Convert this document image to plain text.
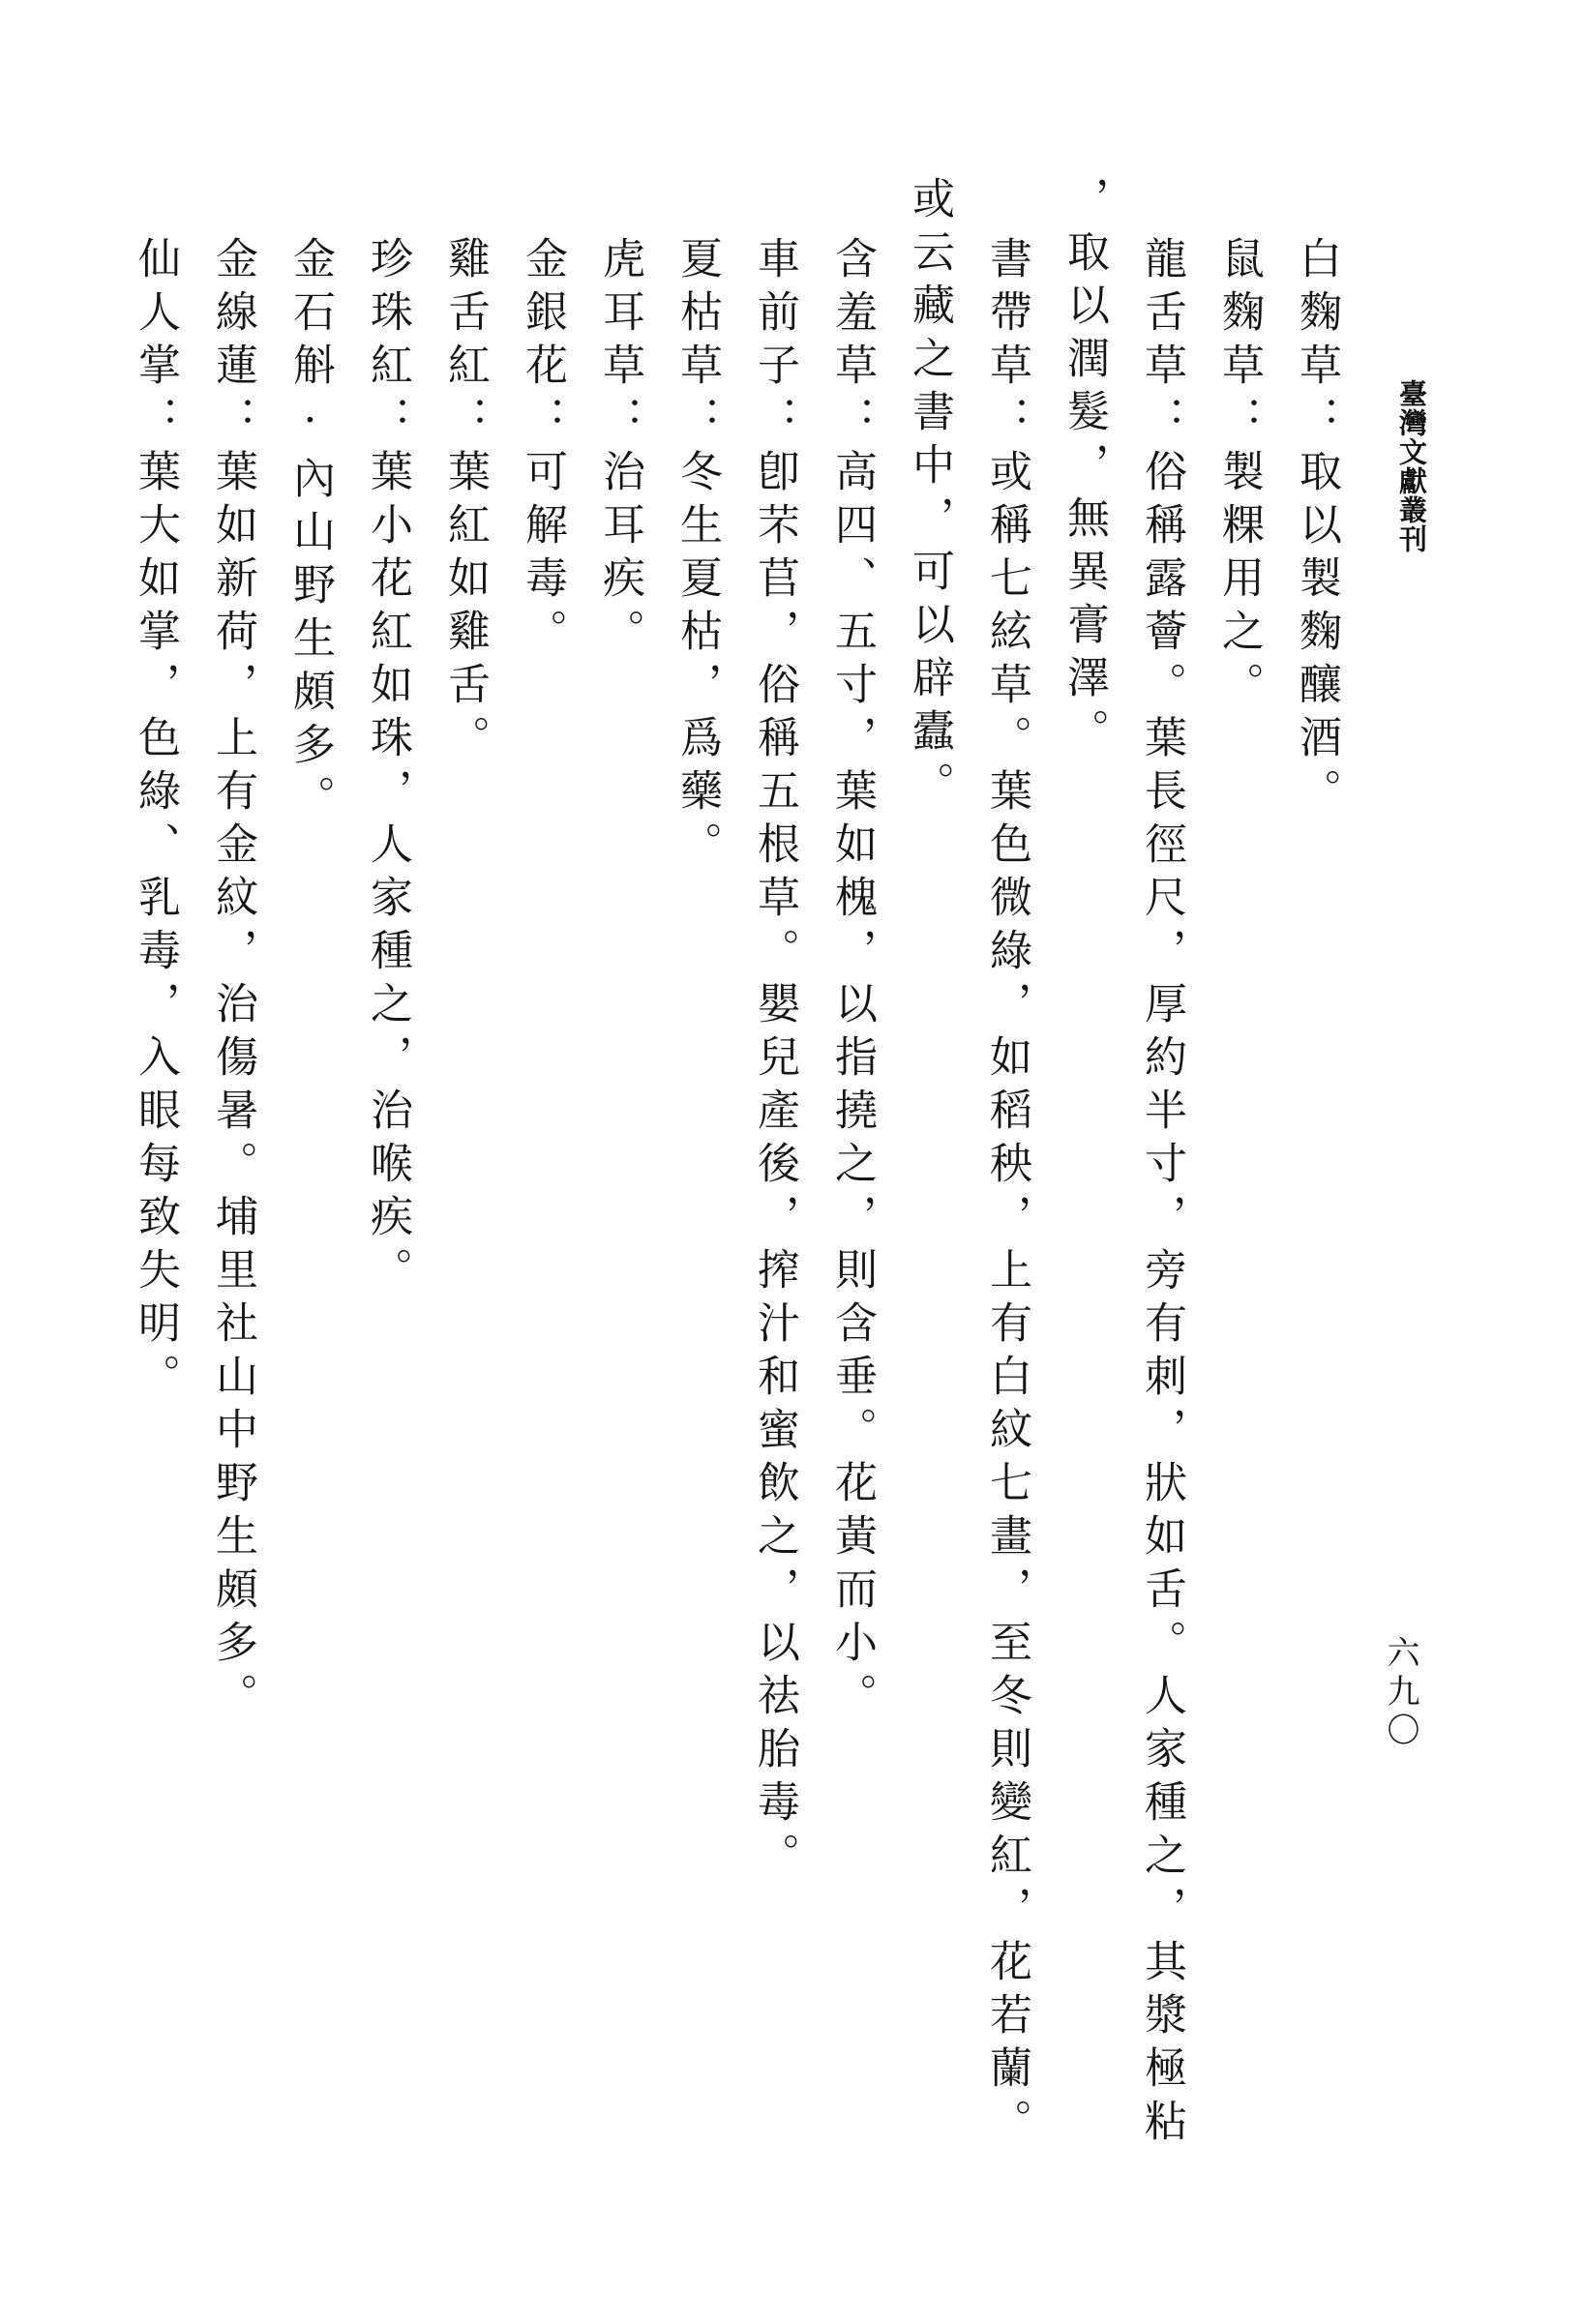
臺灣文獻叢刊
白麴草：取以製麴釀酒。
鼠麴草：製粿用之。
龍舌草：俗稱露薈。葉長徑尺，厚約半寸，旁有刺，狀如舌。人家種之，其漿極粘
，取以潤髮，無異膏澤。
書帶草：或稱七絃草。葉色微綠，如稻秧，上有白紋七畫，至冬則變紅，花若蘭。
或云藏之書中，可以辟蠹。
含羞草：高四、五寸，葉如槐，以指撓之，則含垂。花黃而小。
車前子：卽芣苢，俗稱五根草。嬰兒產後，搾汁和蜜飲之，以祛胎毒。
夏枯草：冬生夏枯，爲藥。
虎耳草：治耳疾。
金銀花：可解毒。
雞舌紅：葉紅如雞舌。
珍珠紅：葉小花紅如珠，人家種之，治喉疾。
金石斛·內山野生頗多。
金線蓮：葉如新荷，上有金紋，治傷暑。埔里社山中野生頗多。
仙人掌：葉大如掌，色綠、乳毒，入眼每致失明。
六九〇
